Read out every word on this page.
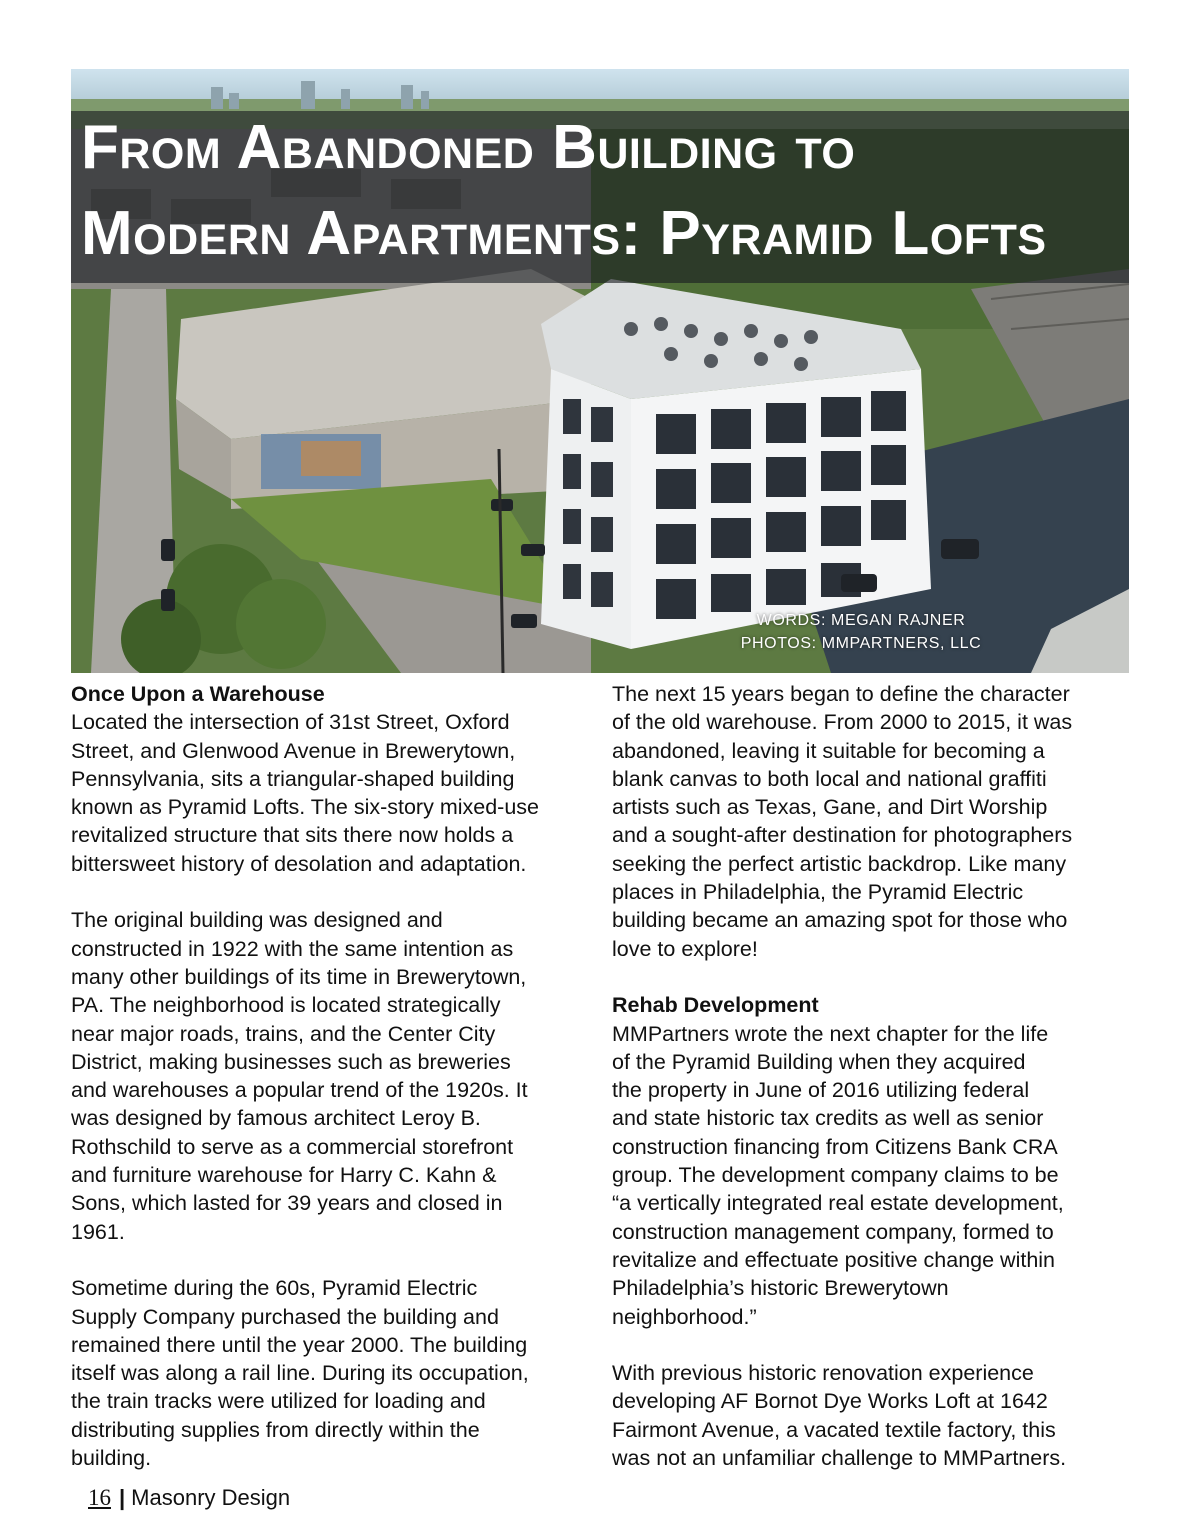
From Abandoned Building to
Modern Apartments: Pyramid Lofts
WORDS: MEGAN RAJNER
PHOTOS: MMPARTNERS, LLC
Once Upon a Warehouse

Located the intersection of 31st Street, Oxford
Street, and Glenwood Avenue in Brewerytown,
Pennsylvania, sits a triangular-shaped building
known as Pyramid Lofts. The six-story mixed-use
revitalized structure that sits there now holds a
bittersweet history of desolation and adaptation.

The original building was designed and
constructed in 1922 with the same intention as
many other buildings of its time in Brewerytown,
PA. The neighborhood is located strategically
near major roads, trains, and the Center City
District, making businesses such as breweries
and warehouses a popular trend of the 1920s. It
was designed by famous architect Leroy B.
Rothschild to serve as a commercial storefront
and furniture warehouse for Harry C. Kahn &
Sons, which lasted for 39 years and closed in
1961.

Sometime during the 60s, Pyramid Electric
Supply Company purchased the building and
remained there until the year 2000. The building
itself was along a rail line. During its occupation,
the train tracks were utilized for loading and
distributing supplies from directly within the
building.

The next 15 years began to define the character
of the old warehouse. From 2000 to 2015, it was
abandoned, leaving it suitable for becoming a
blank canvas to both local and national graffiti
artists such as Texas, Gane, and Dirt Worship
and a sought-after destination for photographers
seeking the perfect artistic backdrop. Like many
places in Philadelphia, the Pyramid Electric
building became an amazing spot for those who
love to explore!

Rehab Development

MMPartners wrote the next chapter for the life
of the Pyramid Building when they acquired
the property in June of 2016 utilizing federal
and state historic tax credits as well as senior
construction financing from Citizens Bank CRA
group. The development company claims to be
“a vertically integrated real estate development,
construction management company, formed to
revitalize and effectuate positive change within
Philadelphia’s historic Brewerytown
neighborhood.”

With previous historic renovation experience
developing AF Bornot Dye Works Loft at 1642
Fairmont Avenue, a vacated textile factory, this
was not an unfamiliar challenge to MMPartners.

16 | Masonry Design
